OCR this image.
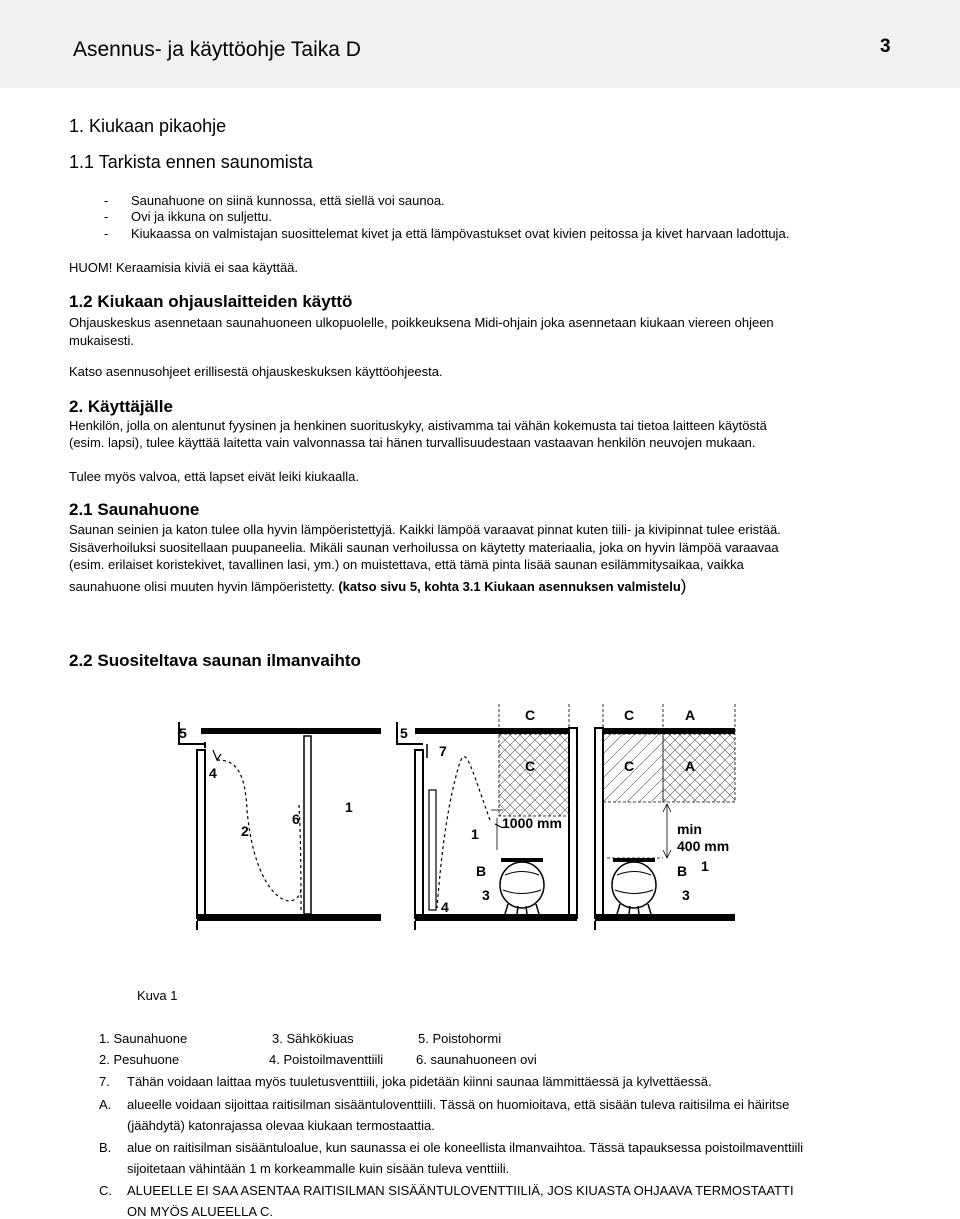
Asennus- ja käyttöohje Taika D	3
1. Kiukaan pikaohje
1.1 Tarkista ennen saunomista
- Saunahuone on siinä kunnossa, että siellä voi saunoa.
- Ovi ja ikkuna on suljettu.
- Kiukaassa on valmistajan suosittelemat kivet ja että lämpövastukset ovat kivien peitossa ja kivet harvaan ladottuja.
HUOM! Keraamisia kiviä ei saa käyttää.
1.2 Kiukaan ohjauslaitteiden käyttö
Ohjauskeskus asennetaan saunahuoneen ulkopuolelle, poikkeuksena Midi-ohjain joka asennetaan kiukaan viereen ohjeen
mukaisesti.
Katso asennusohjeet erillisestä ohjauskeskuksen käyttöohjeesta.
2. Käyttäjälle
Henkilön, jolla on alentunut fyysinen ja henkinen suorituskyky, aistivamma tai vähän kokemusta tai tietoa laitteen käytöstä
(esim. lapsi), tulee käyttää laitetta vain valvonnassa tai hänen turvallisuudestaan vastaavan henkilön neuvojen mukaan.
Tulee myös valvoa, että lapset eivät leiki kiukaalla.
2.1 Saunahuone
Saunan seinien ja katon tulee olla hyvin lämpöeristettyjä. Kaikki lämpöä varaavat pinnat kuten tiili- ja kivipinnat tulee eristää.
Sisäverhoiluksi suositellaan puupaneelia. Mikäli saunan verhoilussa on käytetty materiaalia, joka on hyvin lämpöä varaavaa
(esim. erilaiset koristekivet, tavallinen lasi, ym.) on muistettava, että tämä pinta lisää saunan esilämmitysaikaa, vaikka
saunahuone olisi muuten hyvin lämpöeristetty. (katso sivu 5, kohta 3.1 Kiukaan asennuksen valmistelu)
2.2 Suositeltava saunan ilmanvaihto
5
4
2
6
1
5
7
C
C
1
1000 mm
B
3
4
C	A
C	A
min
400 mm
1
B
3
Kuva 1
1. Saunahuone	3. Sähkökiuas	5. Poistohormi
2. Pesuhuone	4. Poistoilmaventtiili	6. saunahuoneen ovi
7. Tähän voidaan laittaa myös tuuletusventtiili, joka pidetään kiinni saunaa lämmittäessä ja kylvettäessä.
A. alueelle voidaan sijoittaa raitisilman sisääntuloventtiili. Tässä on huomioitava, että sisään tuleva raitisilma ei häiritse
(jäähdytä) katonrajassa olevaa kiukaan termostaattia.
B. alue on raitisilman sisääntuloalue, kun saunassa ei ole koneellista ilmanvaihtoa. Tässä tapauksessa poistoilmaventtiili
sijoitetaan vähintään 1 m korkeammalle kuin sisään tuleva venttiili.
C. ALUEELLE EI SAA ASENTAA RAITISILMAN SISÄÄNTULOVENTTIILIÄ, JOS KIUASTA OHJAAVA TERMOSTAATTI
ON MYÖS ALUEELLA C.
